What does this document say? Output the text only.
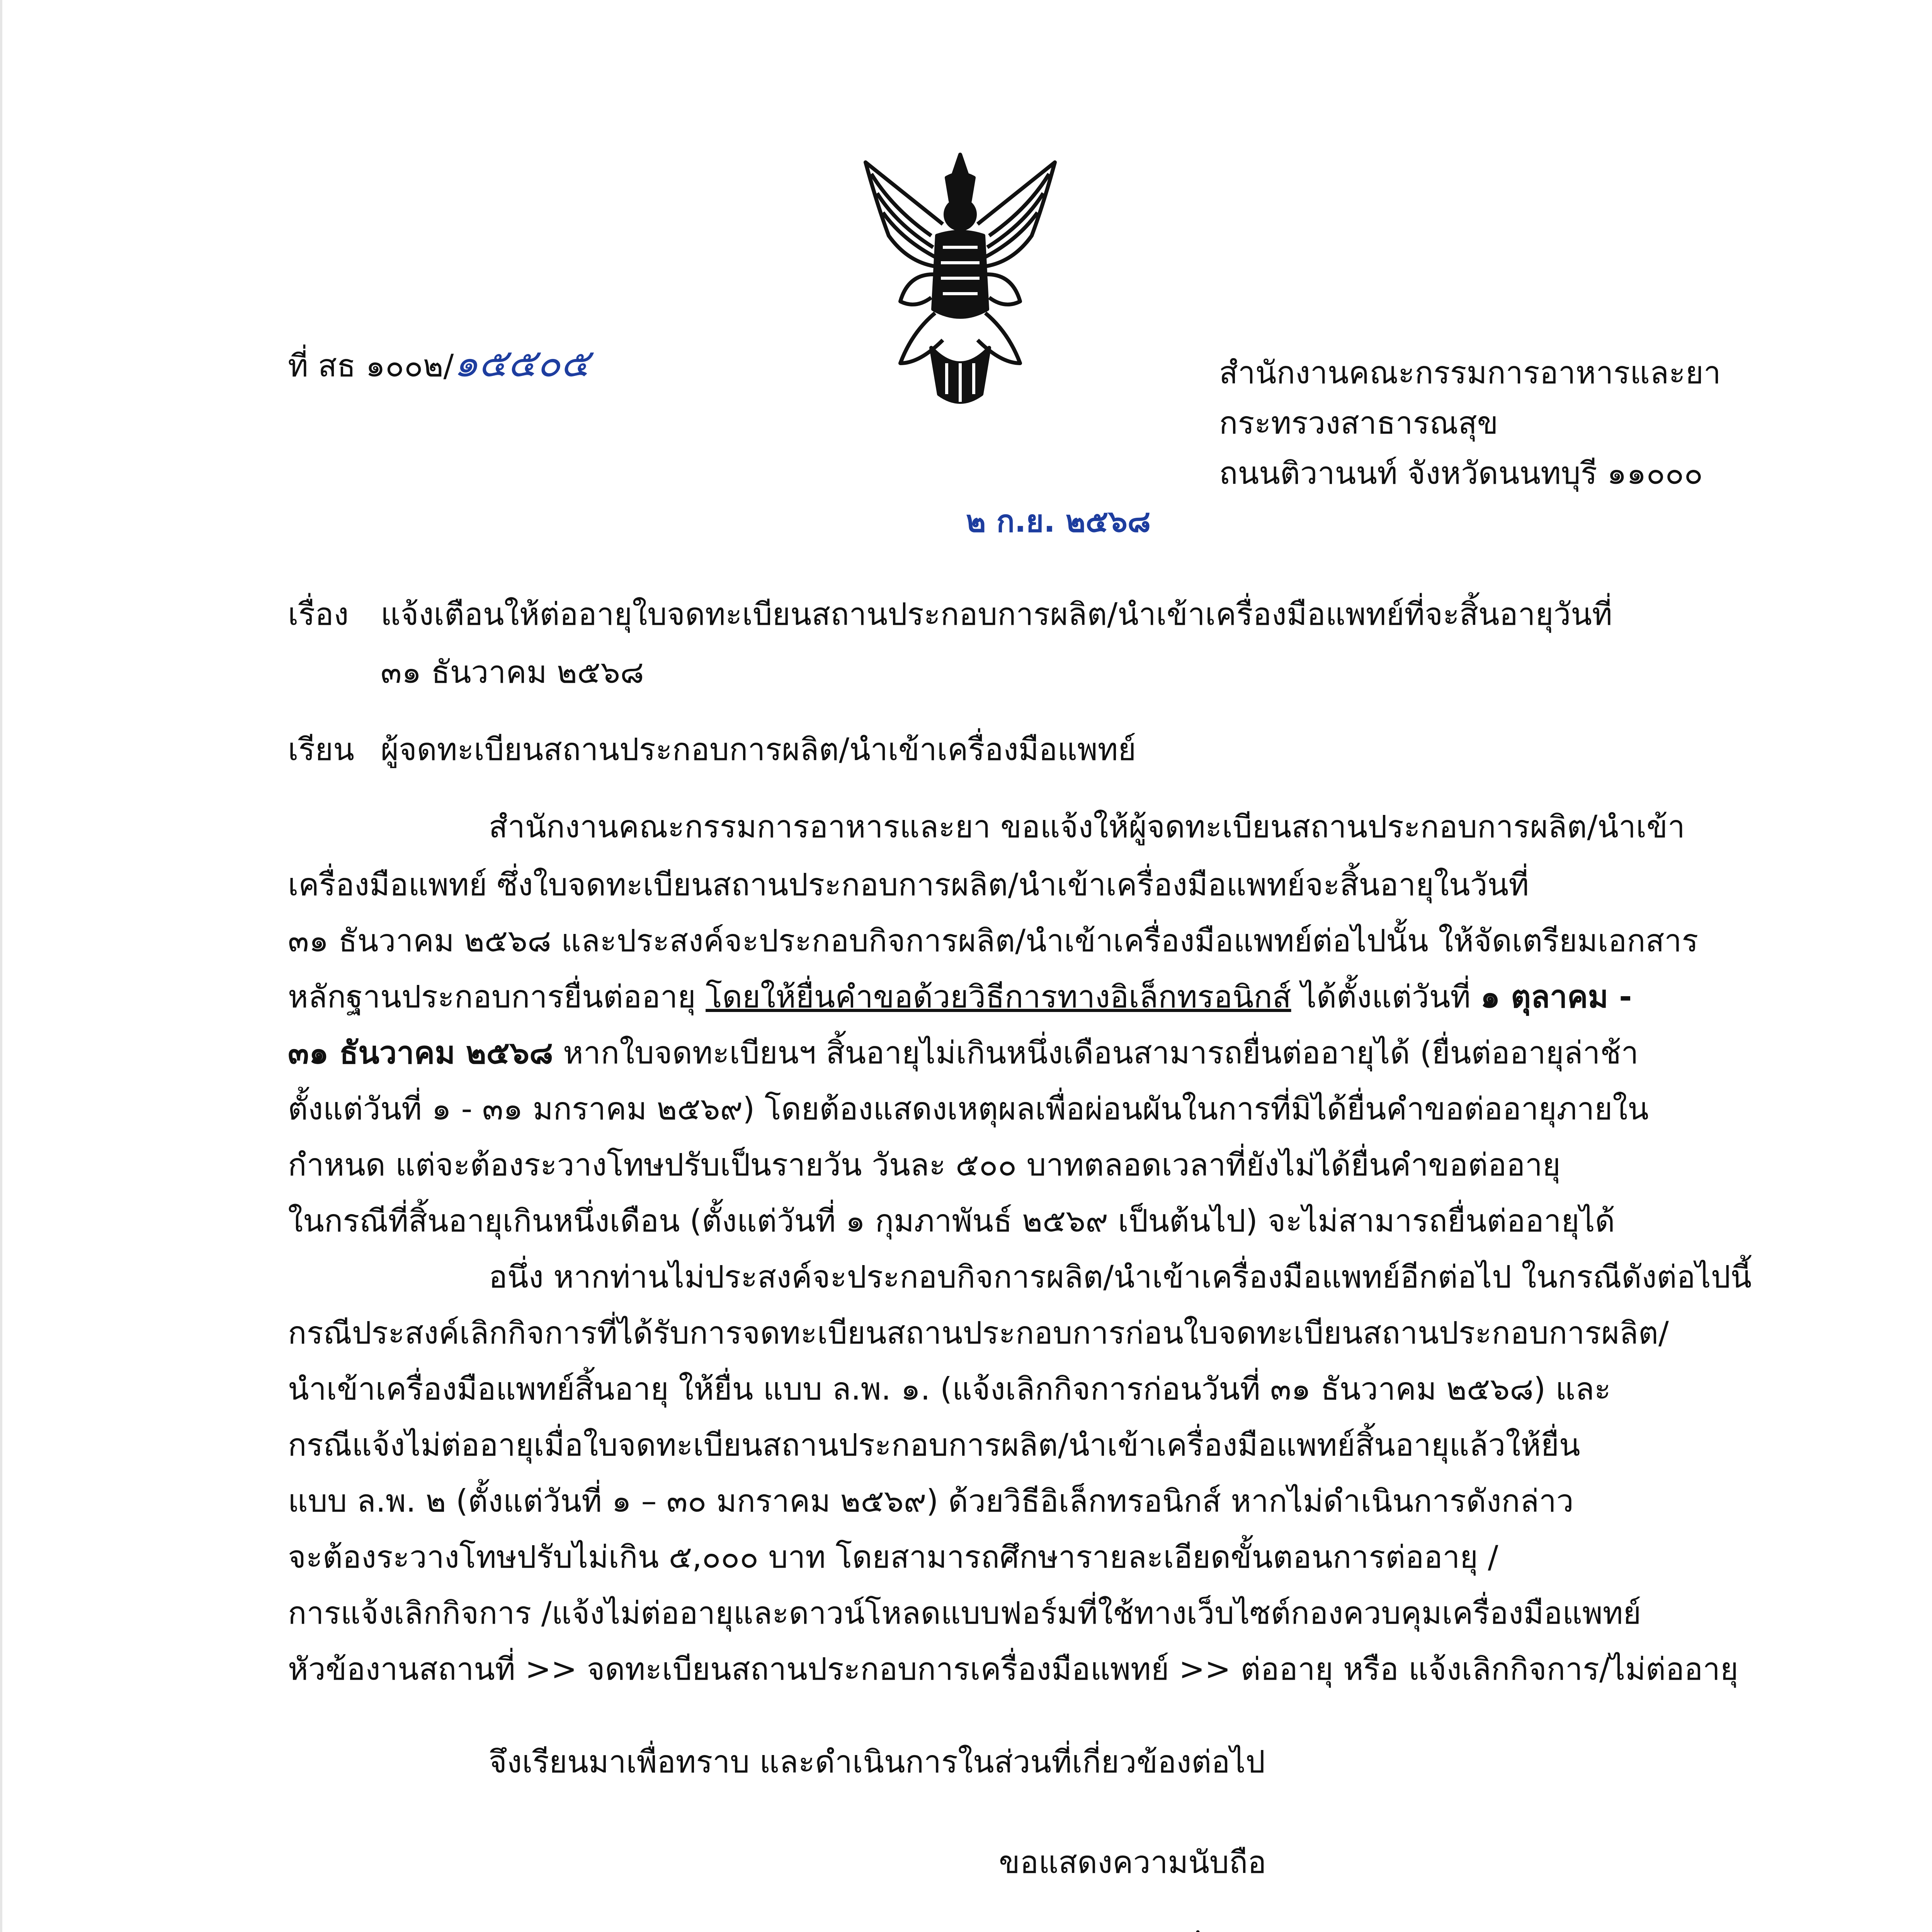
ที่ สธ ๑๐๐๒/๑๕๕๐๕	สำนักงานคณะกรรมการอาหารและยา
กระทรวงสาธารณสุข
ถนนติวานนท์ จังหวัดนนทบุรี ๑๑๐๐๐
๒ ก.ย. ๒๕๖๘
เรื่อง แจ้งเตือนให้ต่ออายุใบจดทะเบียนสถานประกอบการผลิต/นำเข้าเครื่องมือแพทย์ที่จะสิ้นอายุวันที่
๓๑ ธันวาคม ๒๕๖๘
เรียน ผู้จดทะเบียนสถานประกอบการผลิต/นำเข้าเครื่องมือแพทย์
สำนักงานคณะกรรมการอาหารและยา ขอแจ้งให้ผู้จดทะเบียนสถานประกอบการผลิต/นำเข้า
เครื่องมือแพทย์ ซึ่งใบจดทะเบียนสถานประกอบการผลิต/นำเข้าเครื่องมือแพทย์จะสิ้นอายุในวันที่
๓๑ ธันวาคม ๒๕๖๘ และประสงค์จะประกอบกิจการผลิต/นำเข้าเครื่องมือแพทย์ต่อไปนั้น ให้จัดเตรียมเอกสาร
หลักฐานประกอบการยื่นต่ออายุ โดยให้ยื่นคำขอด้วยวิธีการทางอิเล็กทรอนิกส์ ได้ตั้งแต่วันที่ ๑ ตุลาคม -
๓๑ ธันวาคม ๒๕๖๘ หากใบจดทะเบียนฯ สิ้นอายุไม่เกินหนึ่งเดือนสามารถยื่นต่ออายุได้ (ยื่นต่ออายุล่าช้า
ตั้งแต่วันที่ ๑ - ๓๑ มกราคม ๒๕๖๙) โดยต้องแสดงเหตุผลเพื่อผ่อนผันในการที่มิได้ยื่นคำขอต่ออายุภายใน
กำหนด แต่จะต้องระวางโทษปรับเป็นรายวัน วันละ ๕๐๐ บาทตลอดเวลาที่ยังไม่ได้ยื่นคำขอต่ออายุ
ในกรณีที่สิ้นอายุเกินหนึ่งเดือน (ตั้งแต่วันที่ ๑ กุมภาพันธ์ ๒๕๖๙ เป็นต้นไป) จะไม่สามารถยื่นต่ออายุได้
อนึ่ง หากท่านไม่ประสงค์จะประกอบกิจการผลิต/นำเข้าเครื่องมือแพทย์อีกต่อไป ในกรณีดังต่อไปนี้
กรณีประสงค์เลิกกิจการที่ได้รับการจดทะเบียนสถานประกอบการก่อนใบจดทะเบียนสถานประกอบการผลิต/
นำเข้าเครื่องมือแพทย์สิ้นอายุ ให้ยื่น แบบ ล.พ. ๑. (แจ้งเลิกกิจการก่อนวันที่ ๓๑ ธันวาคม ๒๕๖๘) และ
กรณีแจ้งไม่ต่ออายุเมื่อใบจดทะเบียนสถานประกอบการผลิต/นำเข้าเครื่องมือแพทย์สิ้นอายุแล้วให้ยื่น
แบบ ล.พ. ๒ (ตั้งแต่วันที่ ๑ – ๓๐ มกราคม ๒๕๖๙) ด้วยวิธีอิเล็กทรอนิกส์ หากไม่ดำเนินการดังกล่าว
จะต้องระวางโทษปรับไม่เกิน ๕,๐๐๐ บาท โดยสามารถศึกษารายละเอียดขั้นตอนการต่ออายุ /
การแจ้งเลิกกิจการ /แจ้งไม่ต่ออายุและดาวน์โหลดแบบฟอร์มที่ใช้ทางเว็บไซต์กองควบคุมเครื่องมือแพทย์
หัวข้องานสถานที่ >> จดทะเบียนสถานประกอบการเครื่องมือแพทย์ >> ต่ออายุ หรือ แจ้งเลิกกิจการ/ไม่ต่ออายุ
จึงเรียนมาเพื่อทราบ และดำเนินการในส่วนที่เกี่ยวข้องต่อไป
ขอแสดงความนับถือ
